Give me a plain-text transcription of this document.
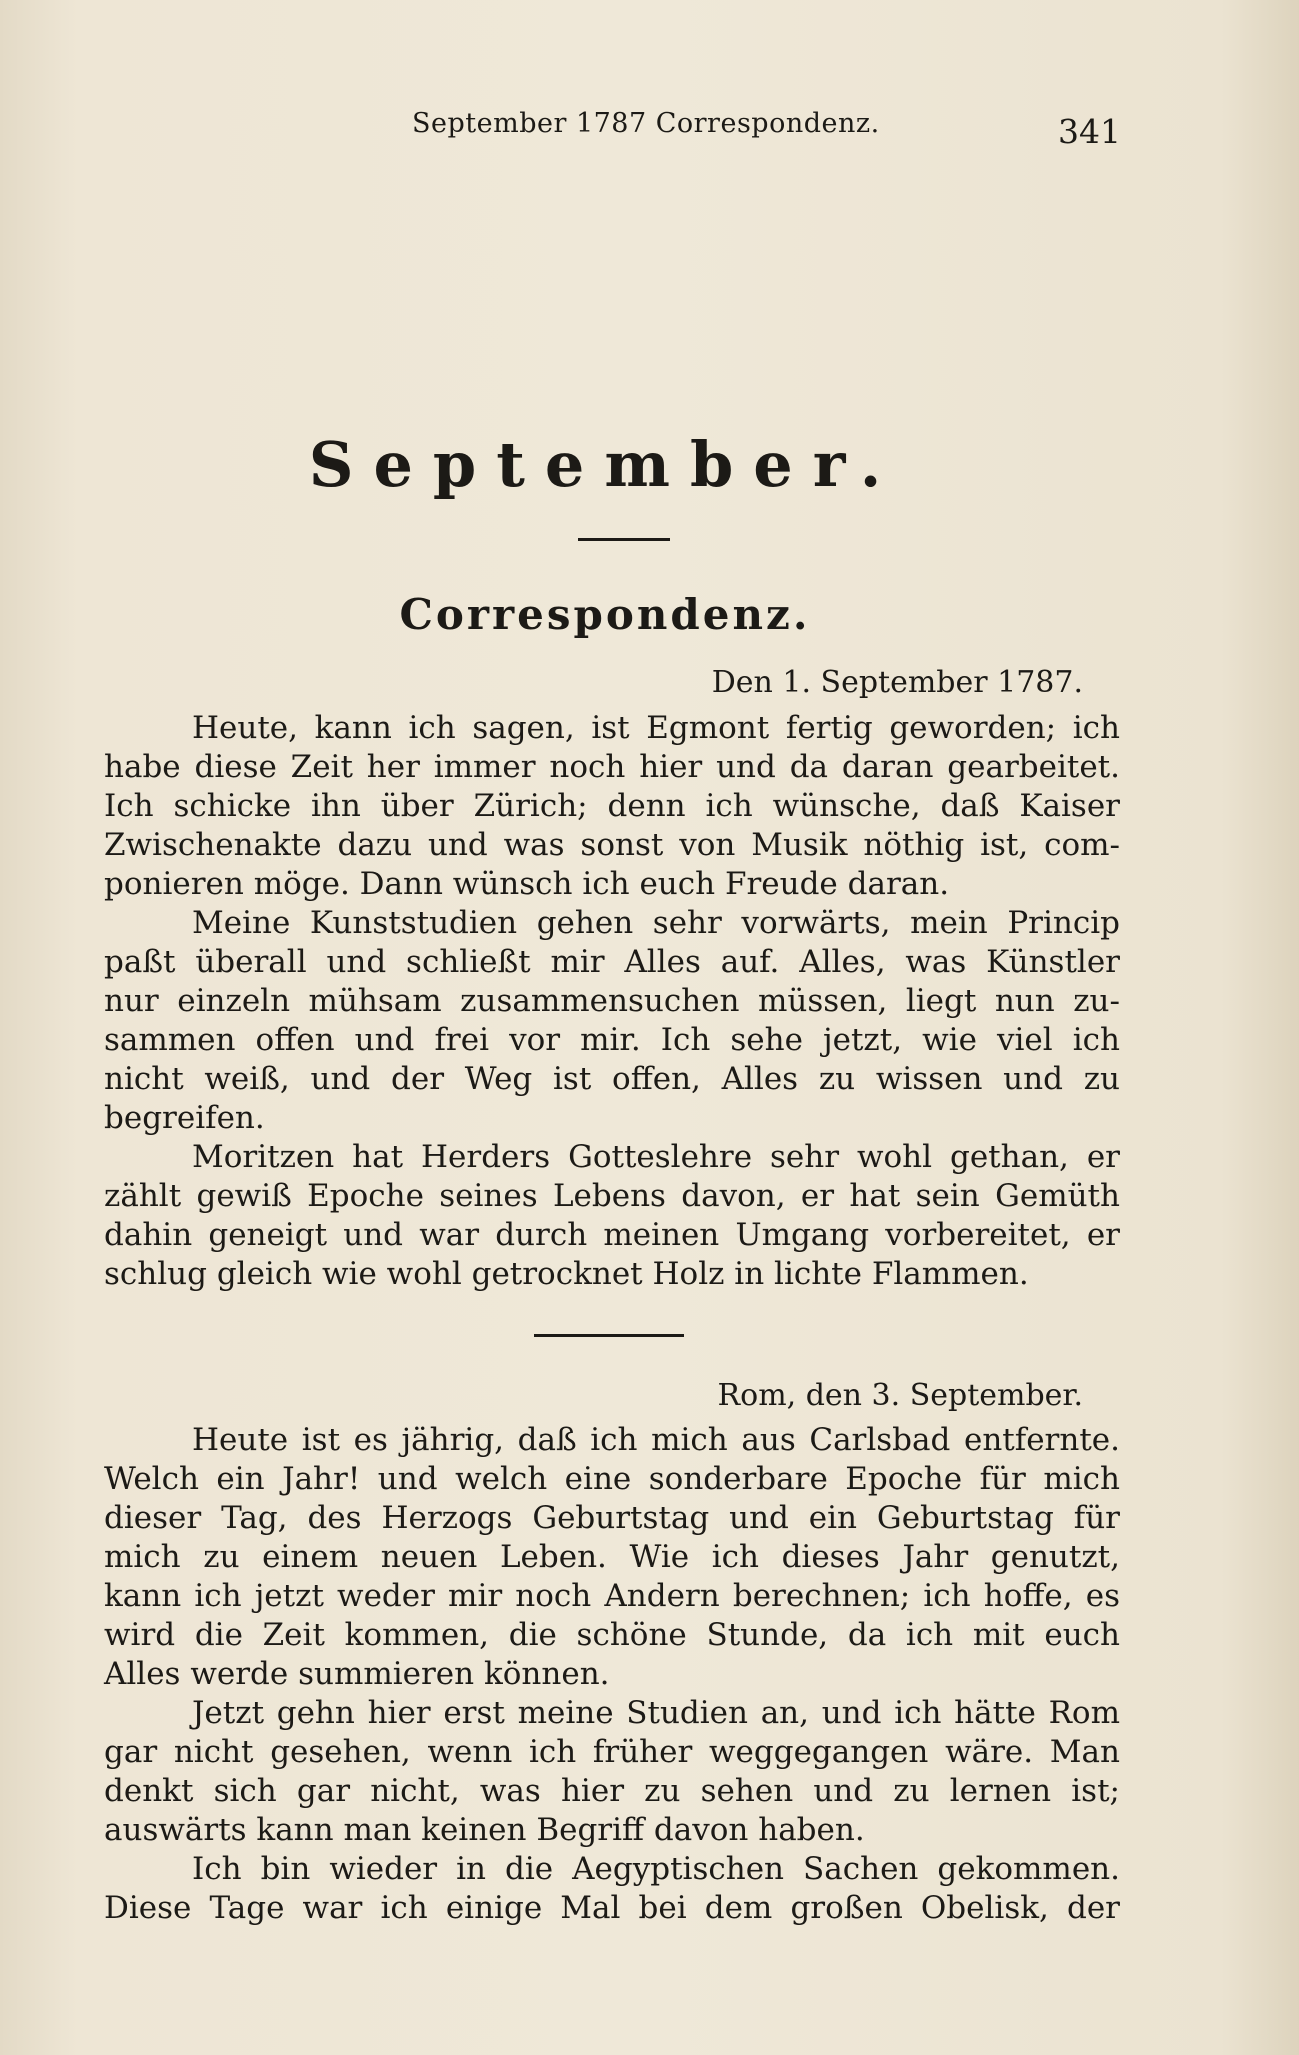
September 1787 Correspondenz.	341
September.
Correspondenz.
Den 1. September 1787.
Heute, kann ich sagen, ist Egmont fertig geworden; ich
habe diese Zeit her immer noch hier und da daran gearbeitet.
Ich schicke ihn über Zürich; denn ich wünsche, daß Kaiser
Zwischenakte dazu und was sonst von Musik nöthig ist, com-
ponieren möge. Dann wünsch ich euch Freude daran.
Meine Kunststudien gehen sehr vorwärts, mein Princip
paßt überall und schließt mir Alles auf. Alles, was Künstler
nur einzeln mühsam zusammensuchen müssen, liegt nun zu-
sammen offen und frei vor mir. Ich sehe jetzt, wie viel ich
nicht weiß, und der Weg ist offen, Alles zu wissen und zu
begreifen.
Moritzen hat Herders Gotteslehre sehr wohl gethan, er
zählt gewiß Epoche seines Lebens davon, er hat sein Gemüth
dahin geneigt und war durch meinen Umgang vorbereitet, er
schlug gleich wie wohl getrocknet Holz in lichte Flammen.
Rom, den 3. September.
Heute ist es jährig, daß ich mich aus Carlsbad entfernte.
Welch ein Jahr! und welch eine sonderbare Epoche für mich
dieser Tag, des Herzogs Geburtstag und ein Geburtstag für
mich zu einem neuen Leben. Wie ich dieses Jahr genutzt,
kann ich jetzt weder mir noch Andern berechnen; ich hoffe, es
wird die Zeit kommen, die schöne Stunde, da ich mit euch
Alles werde summieren können.
Jetzt gehn hier erst meine Studien an, und ich hätte Rom
gar nicht gesehen, wenn ich früher weggegangen wäre. Man
denkt sich gar nicht, was hier zu sehen und zu lernen ist;
auswärts kann man keinen Begriff davon haben.
Ich bin wieder in die Aegyptischen Sachen gekommen.
Diese Tage war ich einige Mal bei dem großen Obelisk, der
